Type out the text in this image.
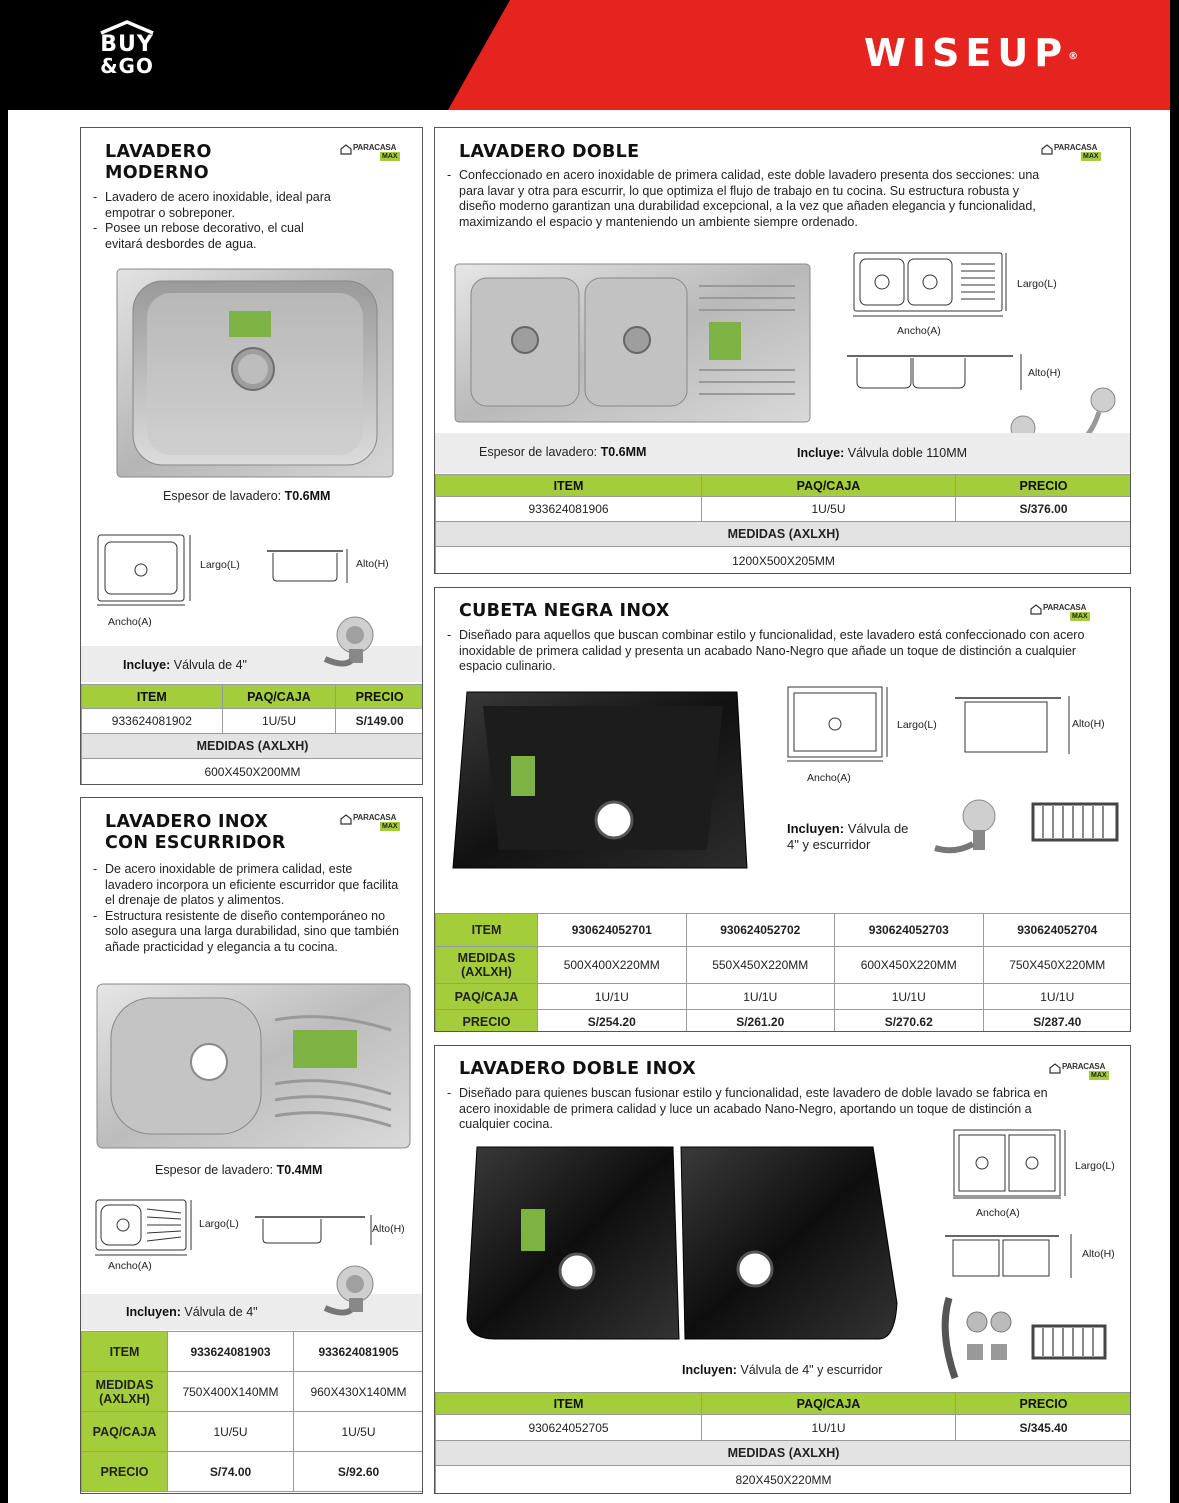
BUY
&GO	WISEUP®
LAVADERO
MODERNO
PARACASA
MAX
- Lavadero de acero inoxidable, ideal para empotrar o sobreponer.
- Posee un rebose decorativo, el cual evitará desbordes de agua.
Espesor de lavadero: T0.6MM
Largo(L)
Ancho(A)
Alto(H)
Incluye: Válvula de 4"
ITEM	PAQ/CAJA	PRECIO
933624081902	1U/5U	S/149.00
MEDIDAS (AXLXH)		
600X450X200MM		
LAVADERO DOBLE	PARACASA
MAX
- Confeccionado en acero inoxidable de primera calidad, este doble lavadero presenta dos secciones: una para lavar y otra para escurrir, lo que optimiza el flujo de trabajo en tu cocina. Su estructura robusta y diseño moderno garantizan una durabilidad excepcional, a la vez que añaden elegancia y funcionalidad, maximizando el espacio y manteniendo un ambiente siempre ordenado.
Largo(L)
Ancho(A)
Alto(H)
Espesor de lavadero: T0.6MM	Incluye: Válvula doble 110MM
ITEM	PAQ/CAJA	PRECIO
933624081906	1U/5U	S/376.00
MEDIDAS (AXLXH)		
1200X500X205MM		
CUBETA NEGRA INOX	PARACASA
MAX
- Diseñado para aquellos que buscan combinar estilo y funcionalidad, este lavadero está confeccionado con acero inoxidable de primera calidad y presenta un acabado Nano-Negro que añade un toque de distinción a cualquier espacio culinario.
Largo(L)
Ancho(A)
Alto(H)
Incluyen: Válvula de
4" y escurridor
ITEM	930624052701	930624052702	930624052703	930624052704

MEDIDAS
(AXLXH)	500X400X220MM	550X450X220MM	600X450X220MM	750X450X220MM
PAQ/CAJA	1U/1U	1U/1U	1U/1U	1U/1U
PRECIO	S/254.20	S/261.20	S/270.62	S/287.40
LAVADERO INOX
CON ESCURRIDOR
PARACASA
MAX
- De acero inoxidable de primera calidad, este lavadero incorpora un eficiente escurridor que facilita el drenaje de platos y alimentos.
- Estructura resistente de diseño contemporáneo no solo asegura una larga durabilidad, sino que también añade practicidad y elegancia a tu cocina.
Espesor de lavadero: T0.4MM
Largo(L)
Ancho(A)
Alto(H)
Incluyen: Válvula de 4"
ITEM	933624081903	933624081905

MEDIDAS
(AXLXH)	750X400X140MM	960X430X140MM
PAQ/CAJA	1U/5U	1U/5U
PRECIO	S/74.00	S/92.60
LAVADERO DOBLE INOX	PARACASA
MAX
- Diseñado para quienes buscan fusionar estilo y funcionalidad, este lavadero de doble lavado se fabrica en acero inoxidable de primera calidad y luce un acabado Nano-Negro, aportando un toque de distinción a cualquier cocina.
Largo(L)
Ancho(A)
Alto(H)
Incluyen: Válvula de 4" y escurridor
ITEM	PAQ/CAJA	PRECIO
930624052705	1U/1U	S/345.40
MEDIDAS (AXLXH)		
820X450X220MM		
